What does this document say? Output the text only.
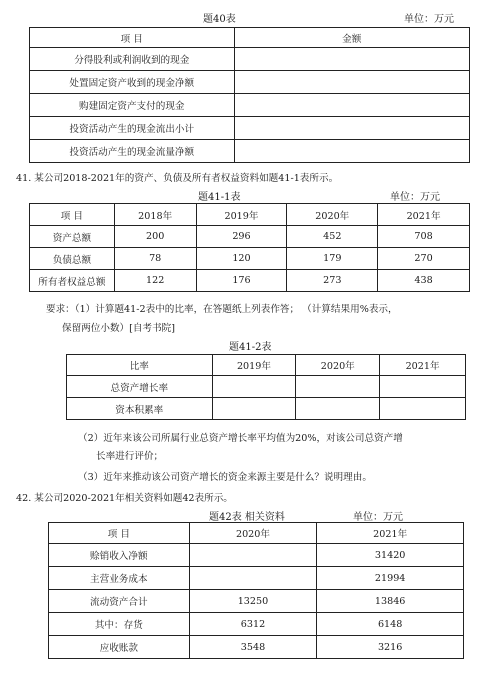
题40表	单位：万元
项 目	金额
分得股利或利润收到的现金	
处置固定资产收到的现金净额	
购建固定资产支付的现金	
投资活动产生的现金流出小计	
投资活动产生的现金流量净额	
41. 某公司2018-2021年的资产、负债及所有者权益资料如题41-1表所示。
题41-1表	单位：万元
项 目	2018年	2019年	2020年	2021年
资产总额	200	296	452	708
负债总额	78	120	179	270
所有者权益总额	122	176	273	438
要求：（1）计算题41-2表中的比率，在答题纸上列表作答； （计算结果用%表示，
保留两位小数）[自考书院]
题41-2表
比率	2019年	2020年	2021年
总资产增长率			
资本积累率			
（2）近年来该公司所属行业总资产增长率平均值为20%，对该公司总资产增
长率进行评价；
（3）近年来推动该公司资产增长的资金来源主要是什么？说明理由。
42. 某公司2020-2021年相关资料如题42表所示。
题42表 相关资料	单位：万元
项 目	2020年	2021年
赊销收入净额		31420
主营业务成本		21994
流动资产合计	13250	13846
其中：存货	6312	6148
应收账款	3548	3216
